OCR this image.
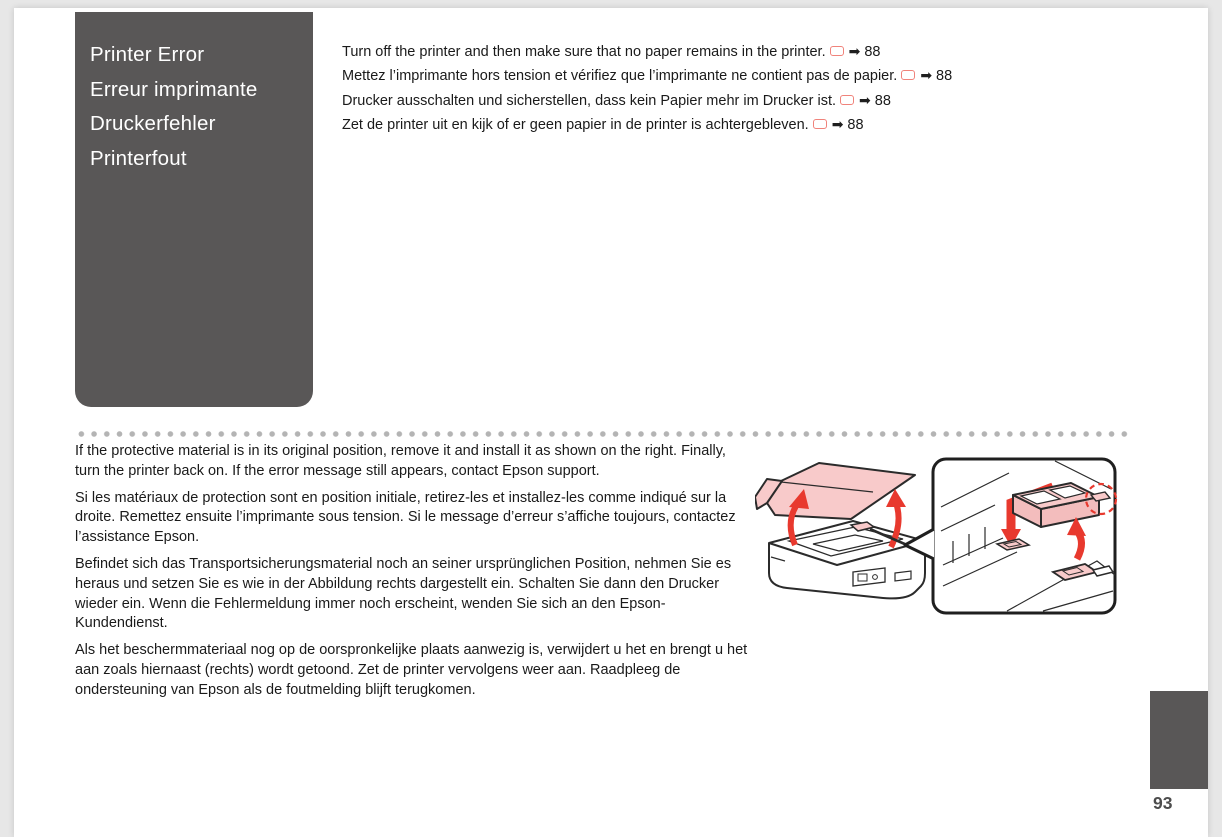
Printer Error
Erreur imprimante
Druckerfehler
Printerfout
Turn off the printer and then make sure that no paper remains in the printer. ➡ 88
Mettez l’imprimante hors tension et vérifiez que l’imprimante ne contient pas de papier. ➡ 88
Drucker ausschalten und sicherstellen, dass kein Papier mehr im Drucker ist. ➡ 88
Zet de printer uit en kijk of er geen papier in de printer is achtergebleven. ➡ 88

If the protective material is in its original position, remove it and install it as shown on the right. Finally, turn the printer back on. If the error message still appears, contact Epson support.

Si les matériaux de protection sont en position initiale, retirez-les et installez-les comme indiqué sur la droite. Remettez ensuite l’imprimante sous tension. Si le message d’erreur s’affiche toujours, contactez l’assistance Epson.

Befindet sich das Transportsicherungsmaterial noch an seiner ursprünglichen Position, nehmen Sie es heraus und setzen Sie es wie in der Abbildung rechts dargestellt ein. Schalten Sie dann den Drucker wieder ein. Wenn die Fehlermeldung immer noch erscheint, wenden Sie sich an den Epson-Kundendienst.

Als het beschermmateriaal nog op de oorspronkelijke plaats aanwezig is, verwijdert u het en brengt u het aan zoals hiernaast (rechts) wordt getoond. Zet de printer vervolgens weer aan. Raadpleeg de ondersteuning van Epson als de foutmelding blijft terugkomen.

93
